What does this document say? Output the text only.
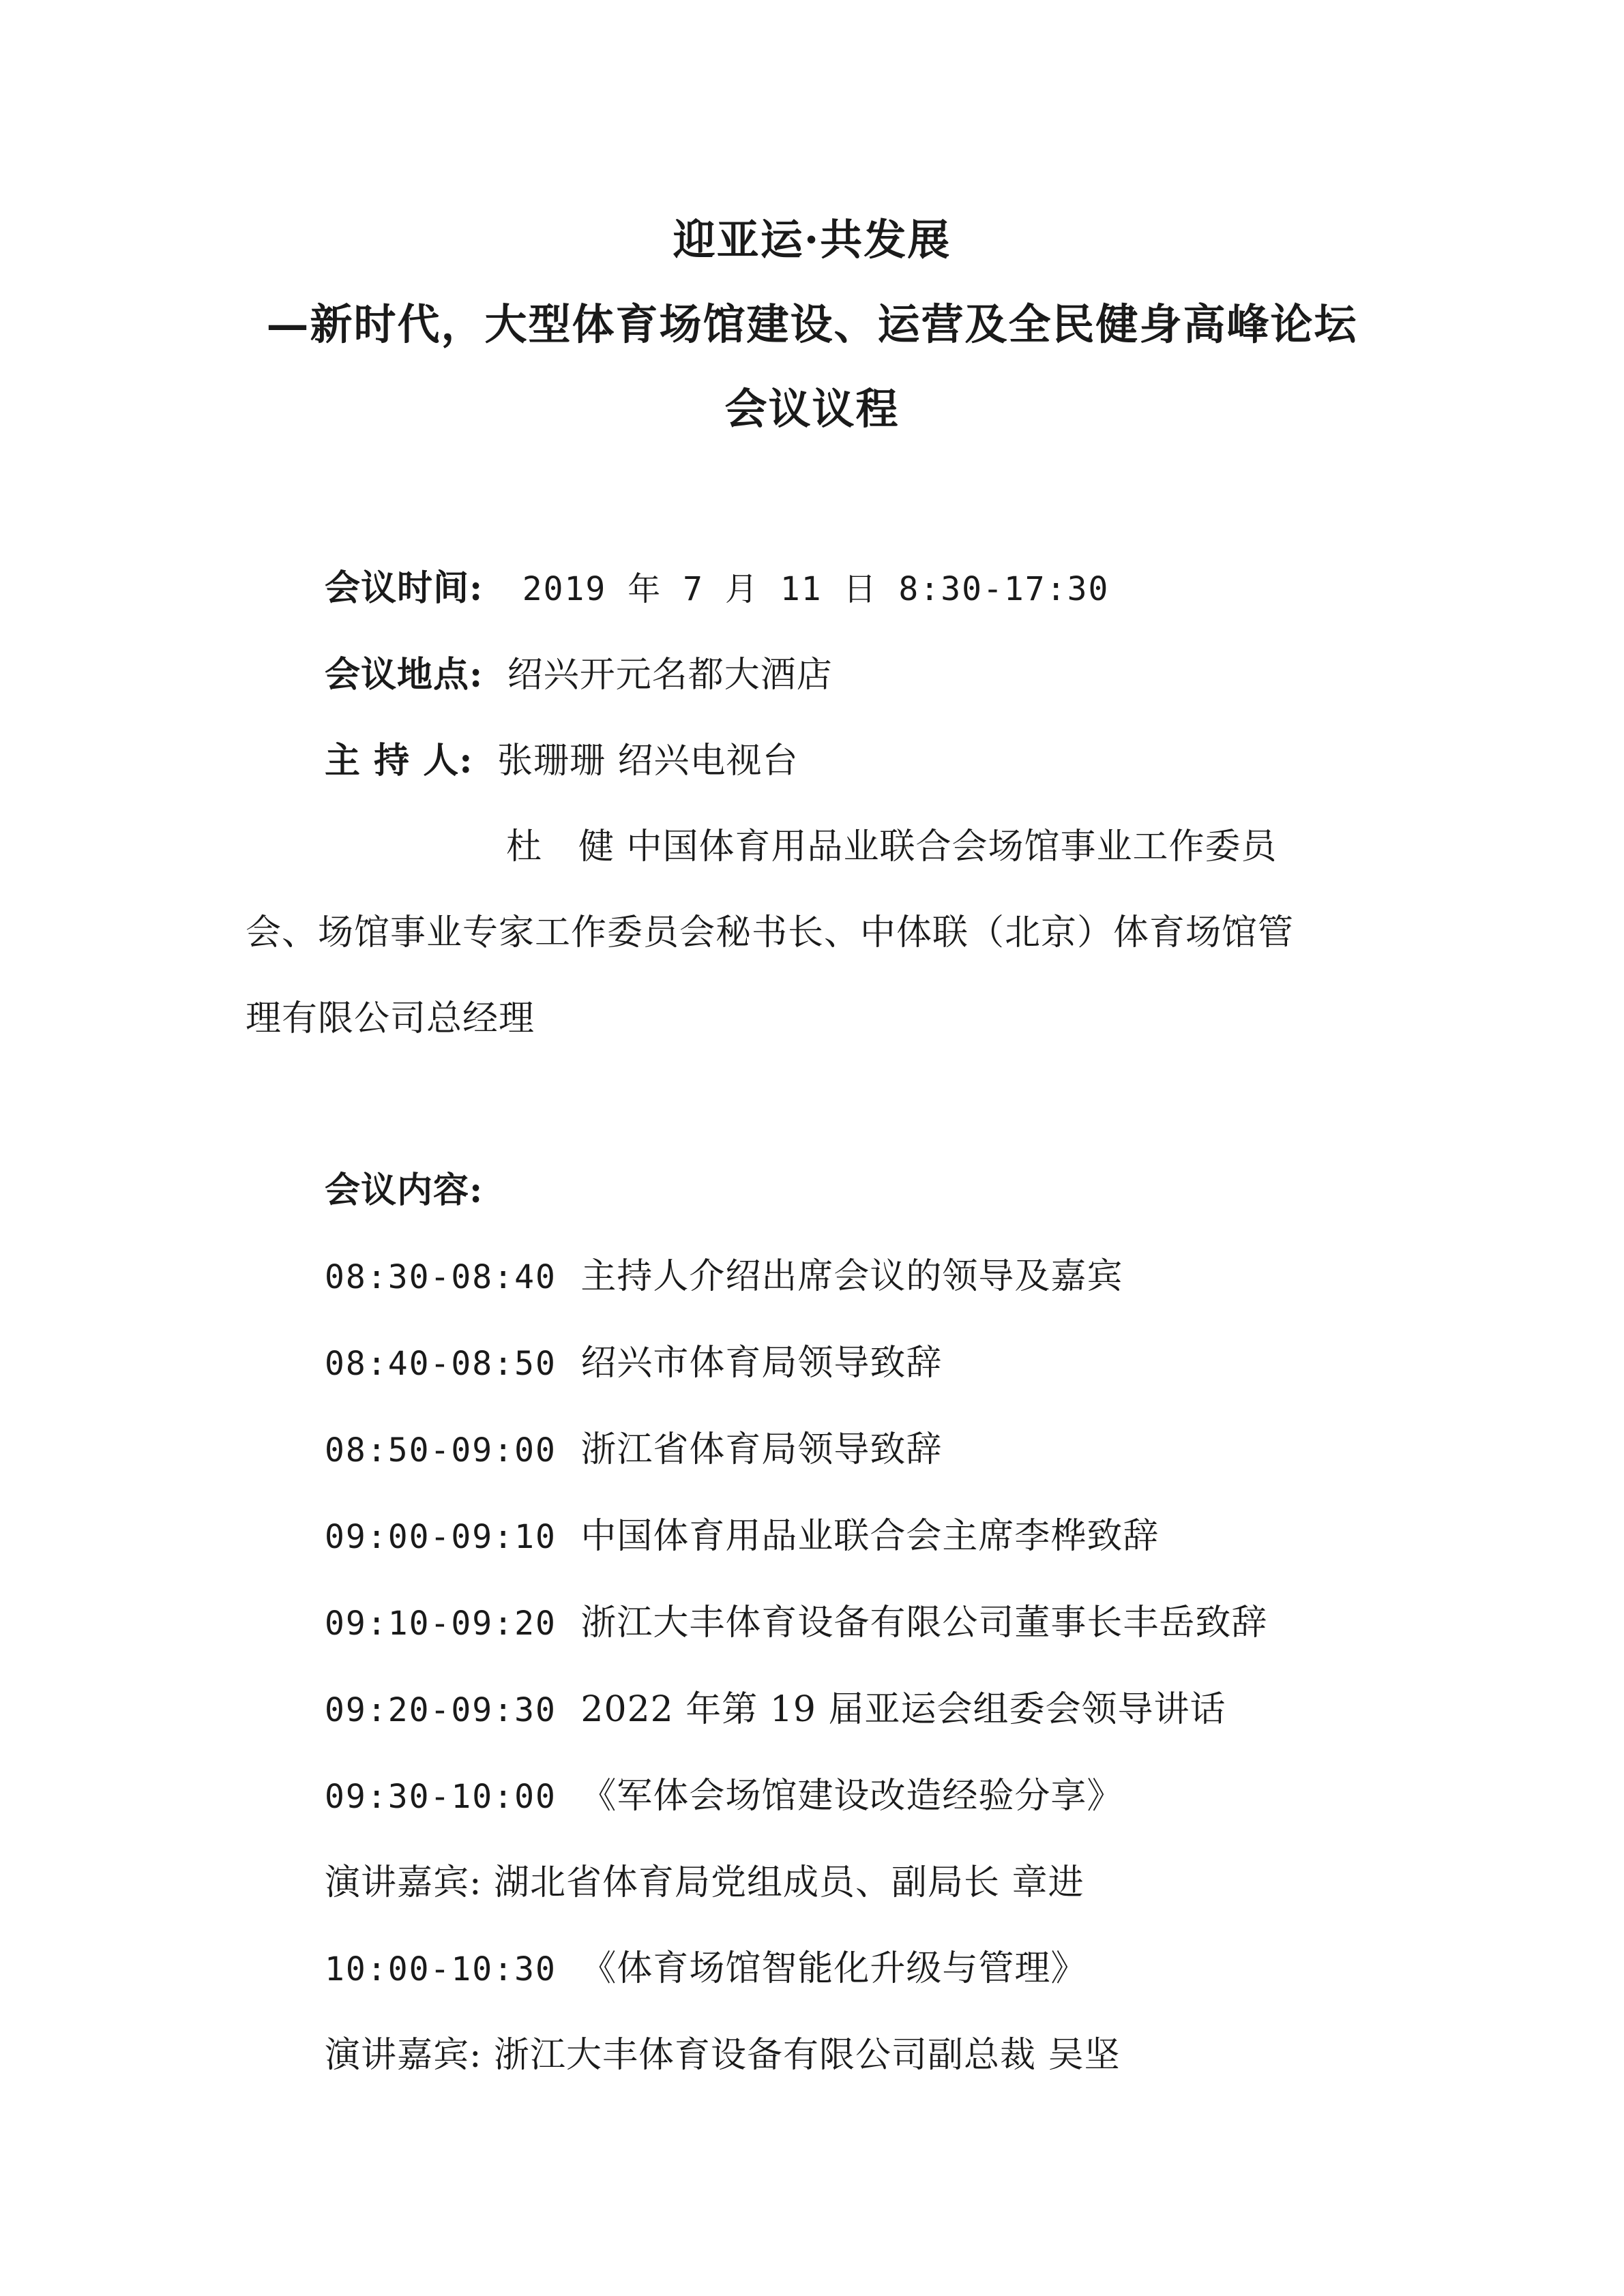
迎亚运·共发展
—新时代，大型体育场馆建设、运营及全民健身高峰论坛
会议议程
会议时间: 2019 年 7 月 11 日 8:30-17:30
会议地点: 绍兴开元名都大酒店
主 持 人: 张珊珊 绍兴电视台
杜　健 中国体育用品业联合会场馆事业工作委员
会、场馆事业专家工作委员会秘书长、中体联（北京）体育场馆管
理有限公司总经理
会议内容:
08:30-08:40 主持人介绍出席会议的领导及嘉宾
08:40-08:50 绍兴市体育局领导致辞
08:50-09:00 浙江省体育局领导致辞
09:00-09:10 中国体育用品业联合会主席李桦致辞
09:10-09:20 浙江大丰体育设备有限公司董事长丰岳致辞
09:20-09:30 2022 年第 19 届亚运会组委会领导讲话
09:30-10:00 《军体会场馆建设改造经验分享》
演讲嘉宾: 湖北省体育局党组成员、副局长 章进
10:00-10:30 《体育场馆智能化升级与管理》
演讲嘉宾: 浙江大丰体育设备有限公司副总裁 吴坚
